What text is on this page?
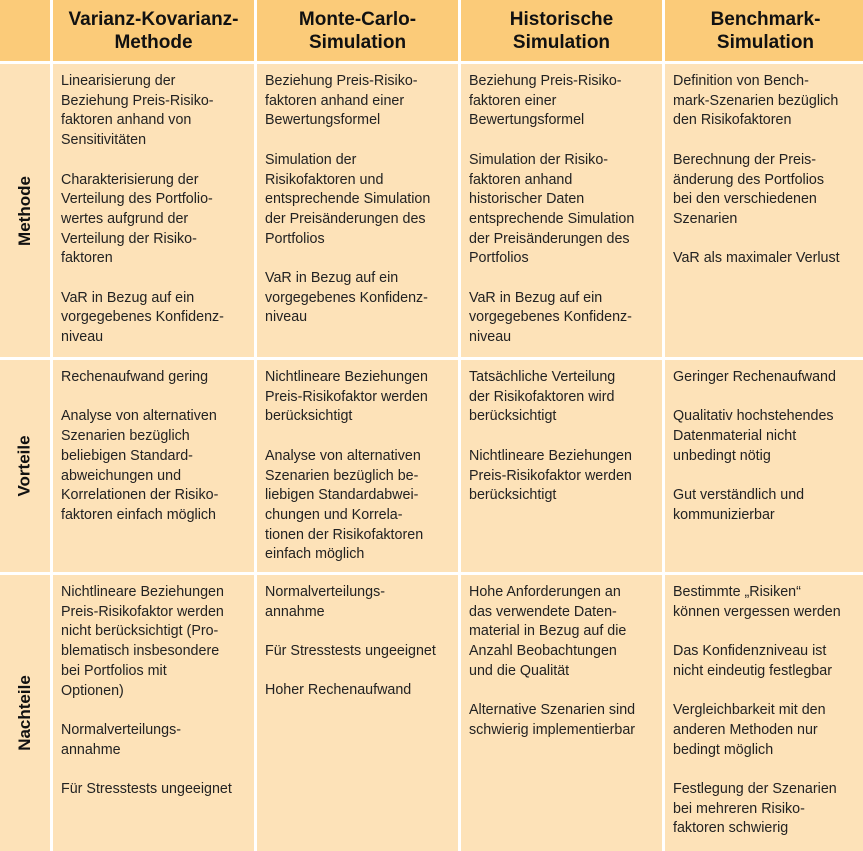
Varianz-Kovarianz-
Methode
Monte-Carlo-
Simulation
Historische
Simulation
Benchmark-
Simulation
Methode

Linearisierung der
Beziehung Preis-Risiko-
faktoren anhand von
Sensitivitäten

Charakterisierung der
Verteilung des Portfolio-
wertes aufgrund der
Verteilung der Risiko-
faktoren

VaR in Bezug auf ein
vorgegebenes Konfidenz-
niveau

Beziehung Preis-Risiko-
faktoren anhand einer
Bewertungsformel

Simulation der
Risikofaktoren und
entsprechende Simulation
der Preisänderungen des
Portfolios

VaR in Bezug auf ein
vorgegebenes Konfidenz-
niveau

Beziehung Preis-Risiko-
faktoren einer
Bewertungsformel

Simulation der Risiko-
faktoren anhand
historischer Daten
entsprechende Simulation
der Preisänderungen des
Portfolios

VaR in Bezug auf ein
vorgegebenes Konfidenz-
niveau

Definition von Bench-
mark-Szenarien bezüglich
den Risikofaktoren

Berechnung der Preis-
änderung des Portfolios
bei den verschiedenen
Szenarien

VaR als maximaler Verlust

Vorteile

Rechenaufwand gering

Analyse von alternativen
Szenarien bezüglich
beliebigen Standard-
abweichungen und
Korrelationen der Risiko-
faktoren einfach möglich

Nichtlineare Beziehungen
Preis-Risikofaktor werden
berücksichtigt

Analyse von alternativen
Szenarien bezüglich be-
liebigen Standardabwei-
chungen und Korrela-
tionen der Risikofaktoren
einfach möglich

Tatsächliche Verteilung
der Risikofaktoren wird
berücksichtigt

Nichtlineare Beziehungen
Preis-Risikofaktor werden
berücksichtigt

Geringer Rechenaufwand

Qualitativ hochstehendes
Datenmaterial nicht
unbedingt nötig

Gut verständlich und
kommunizierbar

Nachteile

Nichtlineare Beziehungen
Preis-Risikofaktor werden
nicht berücksichtigt (Pro-
blematisch insbesondere
bei Portfolios mit
Optionen)

Normalverteilungs-
annahme

Für Stresstests ungeeignet

Normalverteilungs-
annahme

Für Stresstests ungeeignet

Hoher Rechenaufwand

Hohe Anforderungen an
das verwendete Daten-
material in Bezug auf die
Anzahl Beobachtungen
und die Qualität

Alternative Szenarien sind
schwierig implementierbar

Bestimmte „Risiken“
können vergessen werden

Das Konfidenzniveau ist
nicht eindeutig festlegbar

Vergleichbarkeit mit den
anderen Methoden nur
bedingt möglich

Festlegung der Szenarien
bei mehreren Risiko-
faktoren schwierig
